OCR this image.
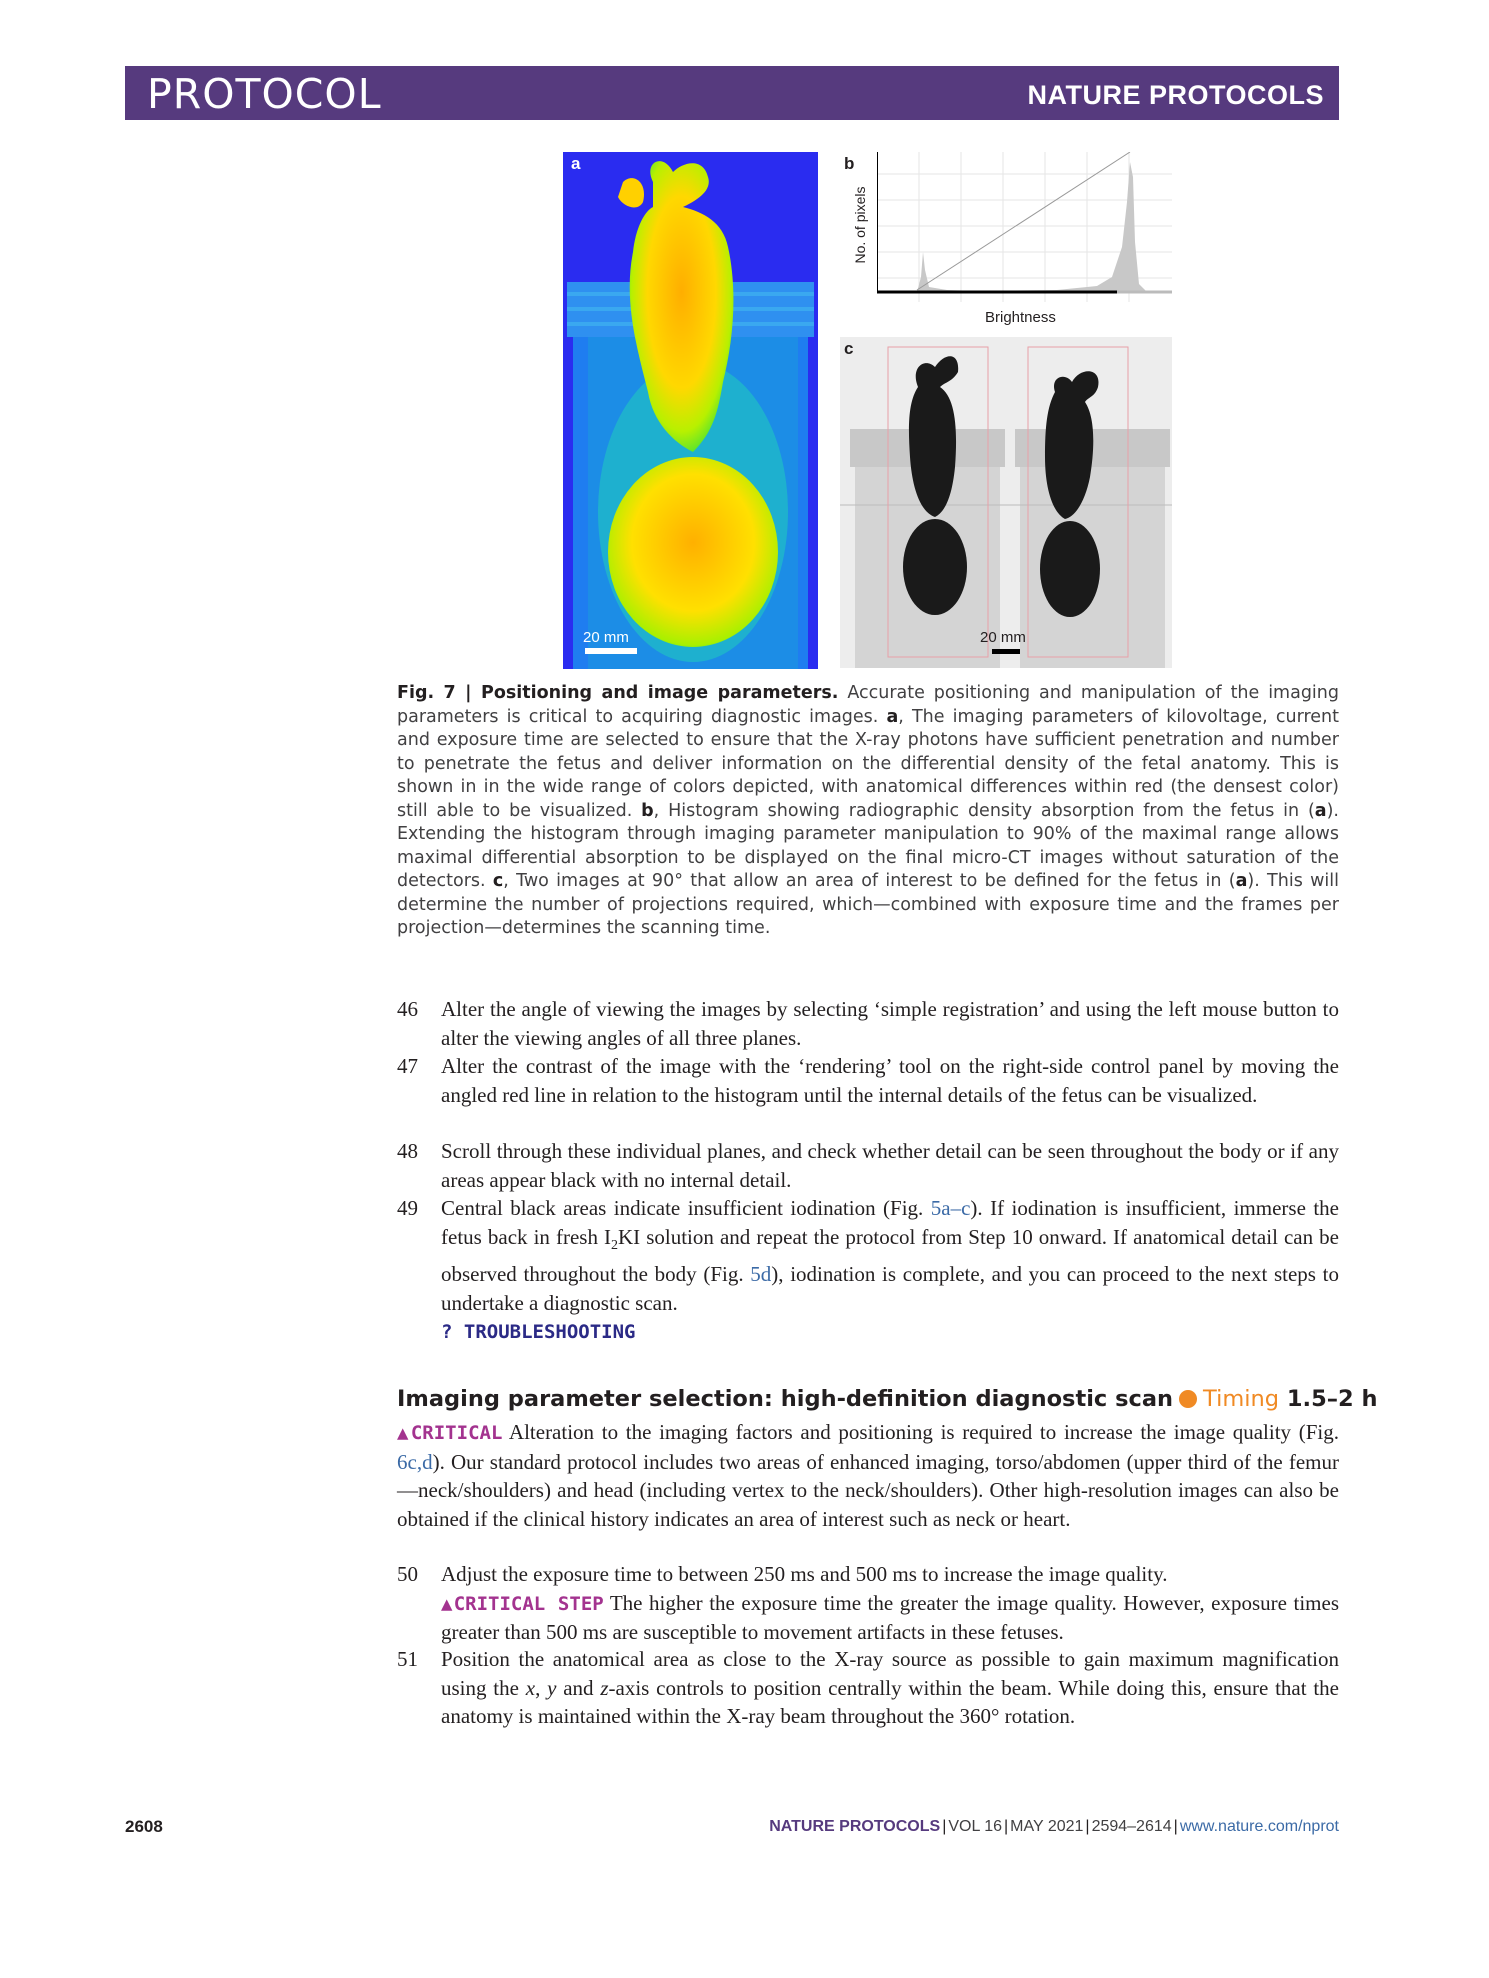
PROTOCOL	NATURE PROTOCOLS
a
20 mm
b
No. of pixels
Brightness
c
20 mm
Fig. 7 | Positioning and image parameters. Accurate positioning and manipulation of the imaging parameters is critical to acquiring diagnostic images. a, The imaging parameters of kilovoltage, current and exposure time are selected to ensure that the X-ray photons have sufficient penetration and number to penetrate the fetus and deliver information on the differential density of the fetal anatomy. This is shown in in the wide range of colors depicted, with anatomical differences within red (the densest color) still able to be visualized. b, Histogram showing radiographic density absorption from the fetus in (a). Extending the histogram through imaging parameter manipulation to 90% of the maximal range allows maximal differential absorption to be displayed on the final micro-CT images without saturation of the detectors. c, Two images at 90° that allow an area of interest to be defined for the fetus in (a). This will determine the number of projections required, which—combined with exposure time and the frames per projection—determines the scanning time.
46 Alter the angle of viewing the images by selecting ‘simple registration’ and using the left mouse button to alter the viewing angles of all three planes.
47 Alter the contrast of the image with the ‘rendering’ tool on the right-side control panel by moving the angled red line in relation to the histogram until the internal details of the fetus can be visualized.
48 Scroll through these individual planes, and check whether detail can be seen throughout the body or if any areas appear black with no internal detail.
49 Central black areas indicate insufficient iodination (Fig. 5a–c). If iodination is insufficient, immerse the fetus back in fresh $I_2KI$ solution and repeat the protocol from Step 10 onward. If anatomical detail can be observed throughout the body (Fig. 5d), iodination is complete, and you can proceed to the next steps to undertake a diagnostic scan.
? TROUBLESHOOTING
Imaging parameter selection: high-definition diagnostic scan Timing 1.5–2 h
▲CRITICAL Alteration to the imaging factors and positioning is required to increase the image quality (Fig. 6c,d). Our standard protocol includes two areas of enhanced imaging, torso/abdomen (upper third of the femur—neck/shoulders) and head (including vertex to the neck/shoulders). Other high-resolution images can also be obtained if the clinical history indicates an area of interest such as neck or heart.
50 Adjust the exposure time to between 250 ms and 500 ms to increase the image quality.
▲CRITICAL STEP The higher the exposure time the greater the image quality. However, exposure times greater than 500 ms are susceptible to movement artifacts in these fetuses.
51 Position the anatomical area as close to the X-ray source as possible to gain maximum magnification using the x, y and z-axis controls to position centrally within the beam. While doing this, ensure that the anatomy is maintained within the X-ray beam throughout the 360° rotation.
2608	NATURE PROTOCOLS | VOL 16 | MAY 2021 | 2594–2614 | www.nature.com/nprot
